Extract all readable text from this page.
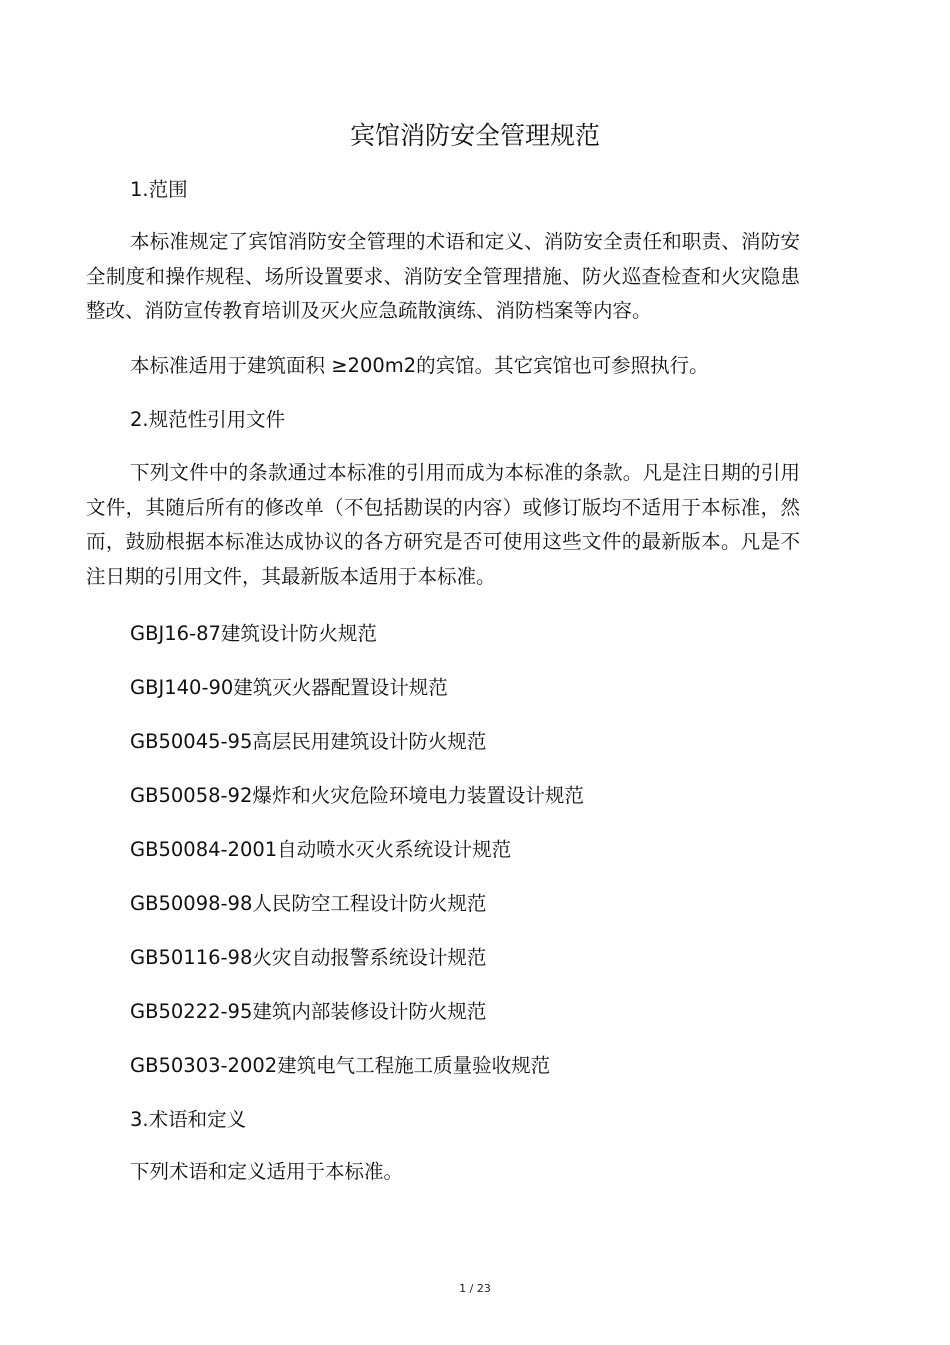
宾馆消防安全管理规范

1.范围

本标准规定了宾馆消防安全管理的术语和定义、消防安全责任和职责、消防安全制度和操作规程、场所设置要求、消防安全管理措施、防火巡查检查和火灾隐患整改、消防宣传教育培训及灭火应急疏散演练、消防档案等内容。

本标准适用于建筑面积 ≥200m2的宾馆。其它宾馆也可参照执行。

2.规范性引用文件

下列文件中的条款通过本标准的引用而成为本标准的条款。凡是注日期的引用文件，其随后所有的修改单（不包括勘误的内容）或修订版均不适用于本标准，然而，鼓励根据本标准达成协议的各方研究是否可使用这些文件的最新版本。凡是不注日期的引用文件，其最新版本适用于本标准。

GBJ16-87建筑设计防火规范

GBJ140-90建筑灭火器配置设计规范

GB50045-95高层民用建筑设计防火规范

GB50058-92爆炸和火灾危险环境电力装置设计规范

GB50084-2001自动喷水灭火系统设计规范

GB50098-98人民防空工程设计防火规范

GB50116-98火灾自动报警系统设计规范

GB50222-95建筑内部装修设计防火规范

GB50303-2002建筑电气工程施工质量验收规范

3.术语和定义

下列术语和定义适用于本标准。

1 / 23
